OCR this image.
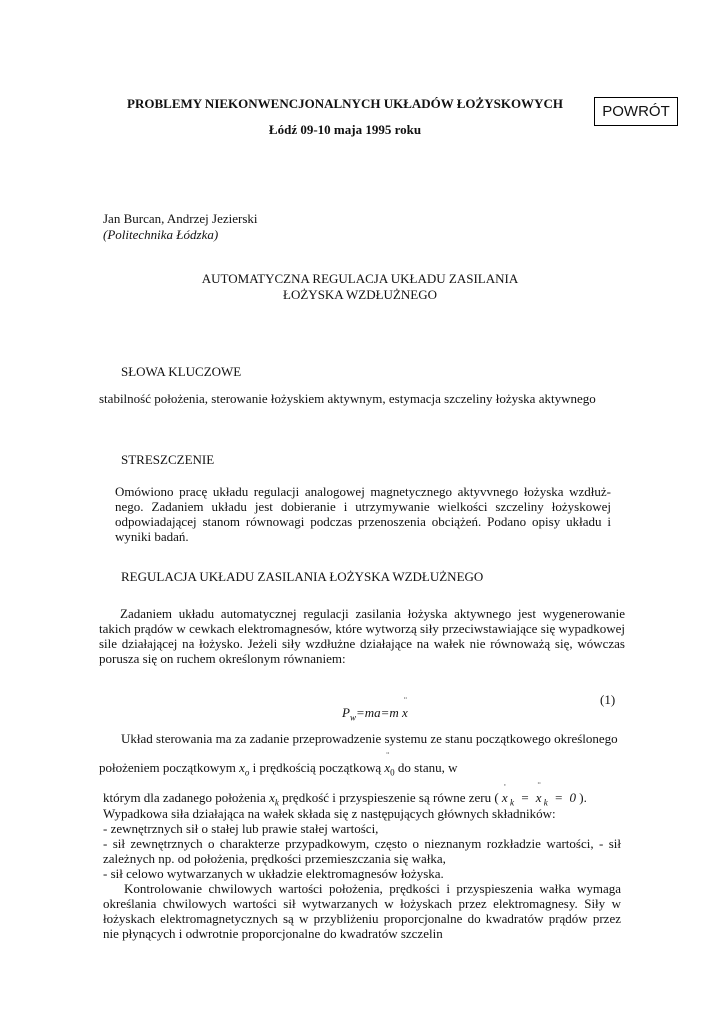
PROBLEMY NIEKONWENCJONALNYCH UKŁADÓW ŁOŻYSKOWYCH
Łódź 09-10 maja 1995 roku
POWRÓT
Jan Burcan, Andrzej Jezierski
(Politechnika Łódzka)
AUTOMATYCZNA REGULACJA UKŁADU ZASILANIA
ŁOŻYSKA WZDŁUŻNEGO
SŁOWA KLUCZOWE

stabilność położenia, sterowanie łożyskiem aktywnym, estymacja szczeliny łożyska aktywnego

STRESZCZENIE

Omówiono pracę układu regulacji analogowej magnetycznego aktyvvnego łożyska wzdłuż-nego. Zadaniem układu jest dobieranie i utrzymywanie wielkości szczeliny łożyskowej odpowiadającej stanom równowagi podczas przenoszenia obciążeń. Podano opisy układu i wyniki badań.

REGULACJA UKŁADU ZASILANIA ŁOŻYSKA WZDŁUŻNEGO

Zadaniem układu automatycznej regulacji zasilania łożyska aktywnego jest wygenerowanie takich prądów w cewkach elektromagnesów, które wytworzą siły przeciwstawiające się wypadkowej sile działającej na łożysko. Jeżeli siły wzdłużne działające na wałek nie równoważą się, wówczas porusza się on ruchem określonym równaniem:

$P_w=ma=m \cdot\cdot x$
(1)
Układ sterowania ma za zadanie przeprowadzenie systemu ze stanu początkowego określonego
położeniem początkowym $x_o$ i prędkością początkową ·· $x_0$ do stanu, w
którym dla zadanego położenia $x_k$ prędkość i przyspieszenie są równe zeru ( · x $_k$  =  ·· x $_k$  =  0 ).
Wypadkowa siła działająca na wałek składa się z następujących głównych składników:
- zewnętrznych sił o stałej lub prawie stałej wartości,

- sił zewnętrznych o charakterze przypadkowym, często o nieznanym rozkładzie wartości, - sił zależnych np. od położenia, prędkości przemieszczania się wałka,

- sił celowo wytwarzanych w układzie elektromagnesów łożyska.

Kontrolowanie chwilowych wartości położenia, prędkości i przyspieszenia wałka wymaga określania chwilowych wartości sił wytwarzanych w łożyskach przez elektromagnesy. Siły w łożyskach elektromagnetycznych są w przybliżeniu proporcjonalne do kwadratów prądów przez nie płynących i odwrotnie proporcjonalne do kwadratów szczelin
